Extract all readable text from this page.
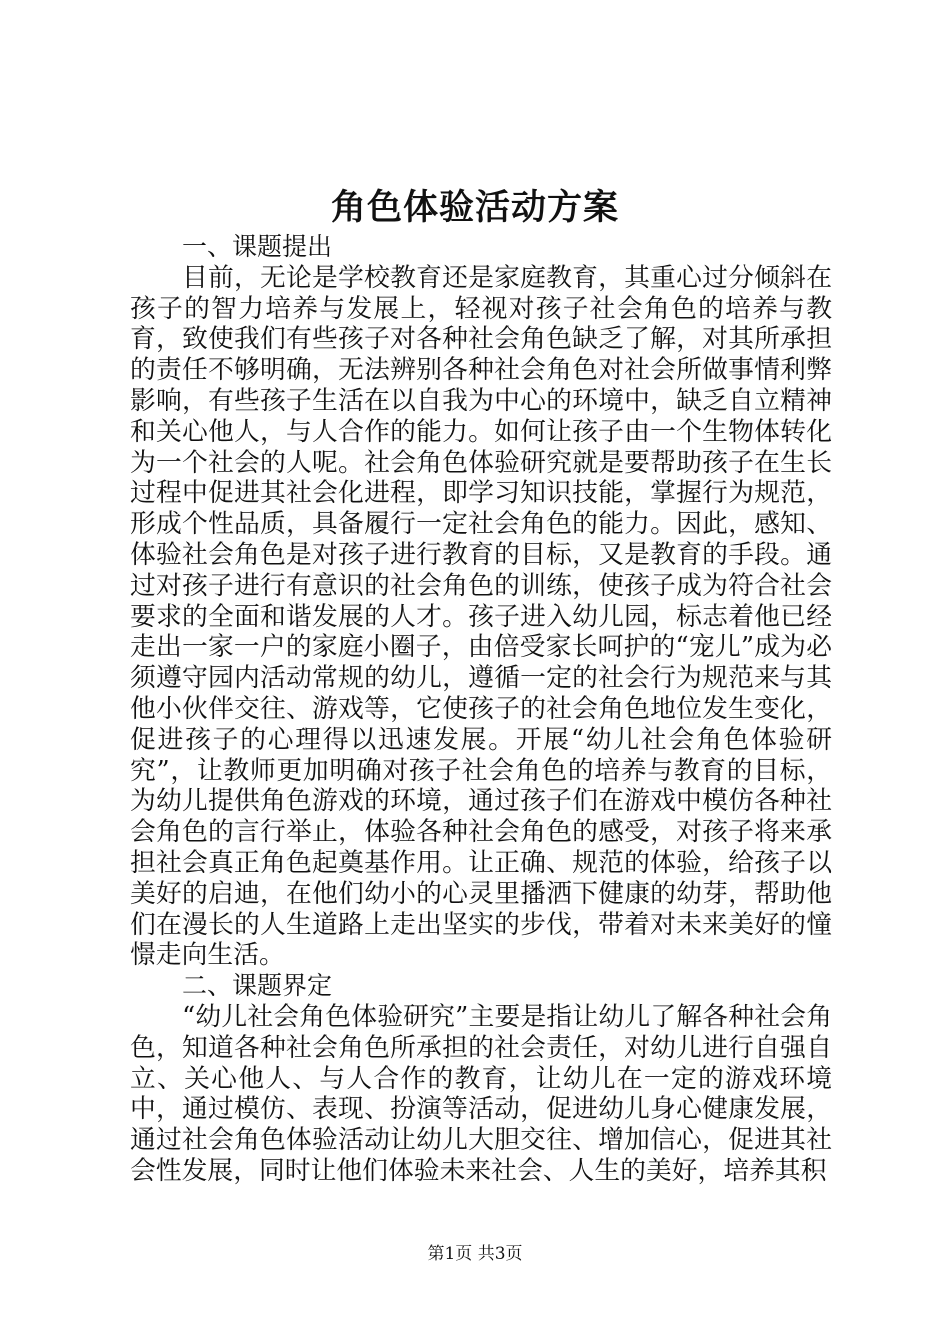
角色体验活动方案

一、课题提出

目前，无论是学校教育还是家庭教育，其重心过分倾斜在孩子的智力培养与发展上，轻视对孩子社会角色的培养与教育，致使我们有些孩子对各种社会角色缺乏了解，对其所承担的责任不够明确，无法辨别各种社会角色对社会所做事情利弊影响，有些孩子生活在以自我为中心的环境中，缺乏自立精神和关心他人，与人合作的能力。如何让孩子由一个生物体转化为一个社会的人呢。社会角色体验研究就是要帮助孩子在生长过程中促进其社会化进程，即学习知识技能，掌握行为规范，形成个性品质，具备履行一定社会角色的能力。因此，感知、体验社会角色是对孩子进行教育的目标，又是教育的手段。通过对孩子进行有意识的社会角色的训练，使孩子成为符合社会要求的全面和谐发展的人才。孩子进入幼儿园，标志着他已经走出一家一户的家庭小圈子，由倍受家长呵护的“宠儿”成为必须遵守园内活动常规的幼儿，遵循一定的社会行为规范来与其他小伙伴交往、游戏等，它使孩子的社会角色地位发生变化，促进孩子的心理得以迅速发展。开展“幼儿社会角色体验研究”，让教师更加明确对孩子社会角色的培养与教育的目标，为幼儿提供角色游戏的环境，通过孩子们在游戏中模仿各种社会角色的言行举止，体验各种社会角色的感受，对孩子将来承担社会真正角色起奠基作用。让正确、规范的体验，给孩子以美好的启迪，在他们幼小的心灵里播洒下健康的幼芽，帮助他们在漫长的人生道路上走出坚实的步伐，带着对未来美好的憧憬走向生活。

二、课题界定

“幼儿社会角色体验研究”主要是指让幼儿了解各种社会角色，知道各种社会角色所承担的社会责任，对幼儿进行自强自立、关心他人、与人合作的教育，让幼儿在一定的游戏环境中，通过模仿、表现、扮演等活动，促进幼儿身心健康发展，通过社会角色体验活动让幼儿大胆交往、增加信心，促进其社会性发展，同时让他们体验未来社会、人生的美好，培养其积

第1页 共3页
